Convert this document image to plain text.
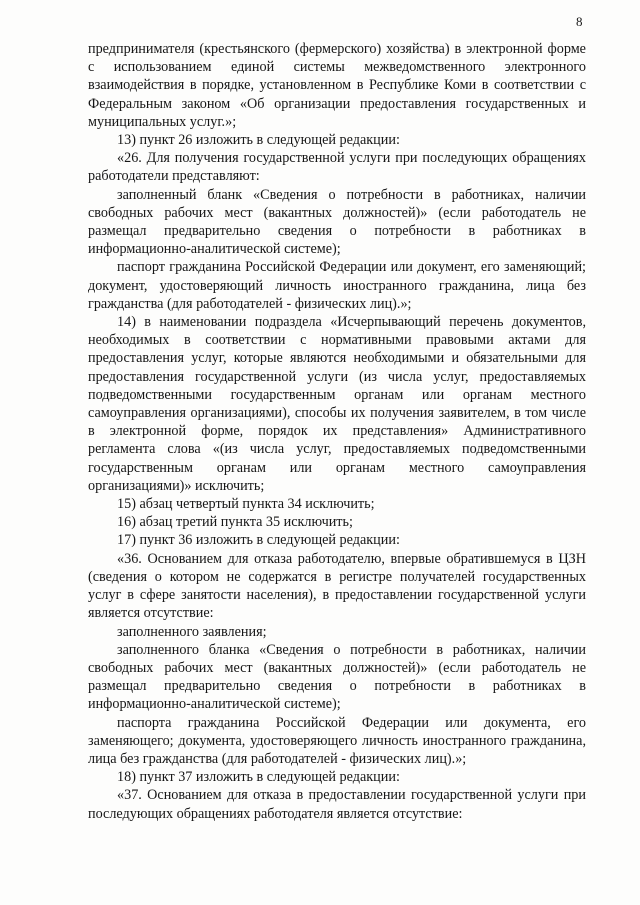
8

предпринимателя (крестьянского (фермерского) хозяйства) в электронной форме с использованием единой системы межведомственного электронного взаимодействия в порядке, установленном в Республике Коми в соответствии с Федеральным законом «Об организации предоставления государственных и муниципальных услуг.»;

13) пункт 26 изложить в следующей редакции:

«26. Для получения государственной услуги при последующих обращениях работодатели представляют:

заполненный бланк «Сведения о потребности в работниках, наличии свободных рабочих мест (вакантных должностей)» (если работодатель не размещал предварительно сведения о потребности в работниках в информационно-аналитической системе);

паспорт гражданина Российской Федерации или документ, его заменяющий; документ, удостоверяющий личность иностранного гражданина, лица без гражданства (для работодателей - физических лиц).»;

14) в наименовании подраздела «Исчерпывающий перечень документов, необходимых в соответствии с нормативными правовыми актами для предоставления услуг, которые являются необходимыми и обязательными для предоставления государственной услуги (из числа услуг, предоставляемых подведомственными государственным органам или органам местного самоуправления организациями), способы их получения заявителем, в том числе в электронной форме, порядок их представления» Административного регламента слова «(из числа услуг, предоставляемых подведомственными государственным органам или органам местного самоуправления организациями)» исключить;

15) абзац четвертый пункта 34 исключить;

16) абзац третий пункта 35 исключить;

17) пункт 36 изложить в следующей редакции:

«36. Основанием для отказа работодателю, впервые обратившемуся в ЦЗН (сведения о котором не содержатся в регистре получателей государственных услуг в сфере занятости населения), в предоставлении государственной услуги является отсутствие:

заполненного заявления;

заполненного бланка «Сведения о потребности в работниках, наличии свободных рабочих мест (вакантных должностей)» (если работодатель не размещал предварительно сведения о потребности в работниках в информационно-аналитической системе);

паспорта гражданина Российской Федерации или документа, его заменяющего; документа, удостоверяющего личность иностранного гражданина, лица без гражданства (для работодателей - физических лиц).»;

18) пункт 37 изложить в следующей редакции:

«37. Основанием для отказа в предоставлении государственной услуги при последующих обращениях работодателя является отсутствие:
